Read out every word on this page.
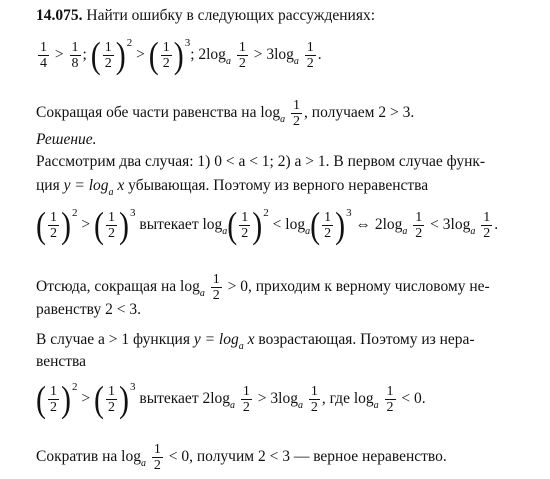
14.075. Найти ошибку в следующих рассуждениях:
$\frac{1}{4} > \frac{1}{8}$ ; ( 1
2 ) 2
> ( 1
2 ) 3
; $2\log_a \frac{1}{2} > 3\log_a \frac{1}{2}$ .
Сокращая обе части равенства на $\log_a \frac{1}{2}$ , получаем 2 > 3.
Решение.
Рассмотрим два случая: 1) 0 < a < 1; 2) a > 1. В первом случае функ-
ция $y = \log_a x$ убывающая. Поэтому из верного неравенства
( 1
2 ) 2
> ( 1
2 ) 3
вытекает $\log_a$ ( 1
2 ) 2
< $\log_a$ ( 1
2 ) 3
⇔ $2\log_a \frac{1}{2} < 3\log_a \frac{1}{2}$ .
Отсюда, сокращая на $\log_a \frac{1}{2} > 0$, приходим к верному числовому не-
равенству 2 < 3.
В случае a > 1 функция $y = \log_a x$ возрастающая. Поэтому из нера-
венства
( 1
2 ) 2
> ( 1
2 ) 3
вытекает $2\log_a \frac{1}{2} > 3\log_a \frac{1}{2}$ , где $\log_a \frac{1}{2} < 0$.
Сократив на $\log_a \frac{1}{2} < 0$, получим 2 < 3 — верное неравенство.
